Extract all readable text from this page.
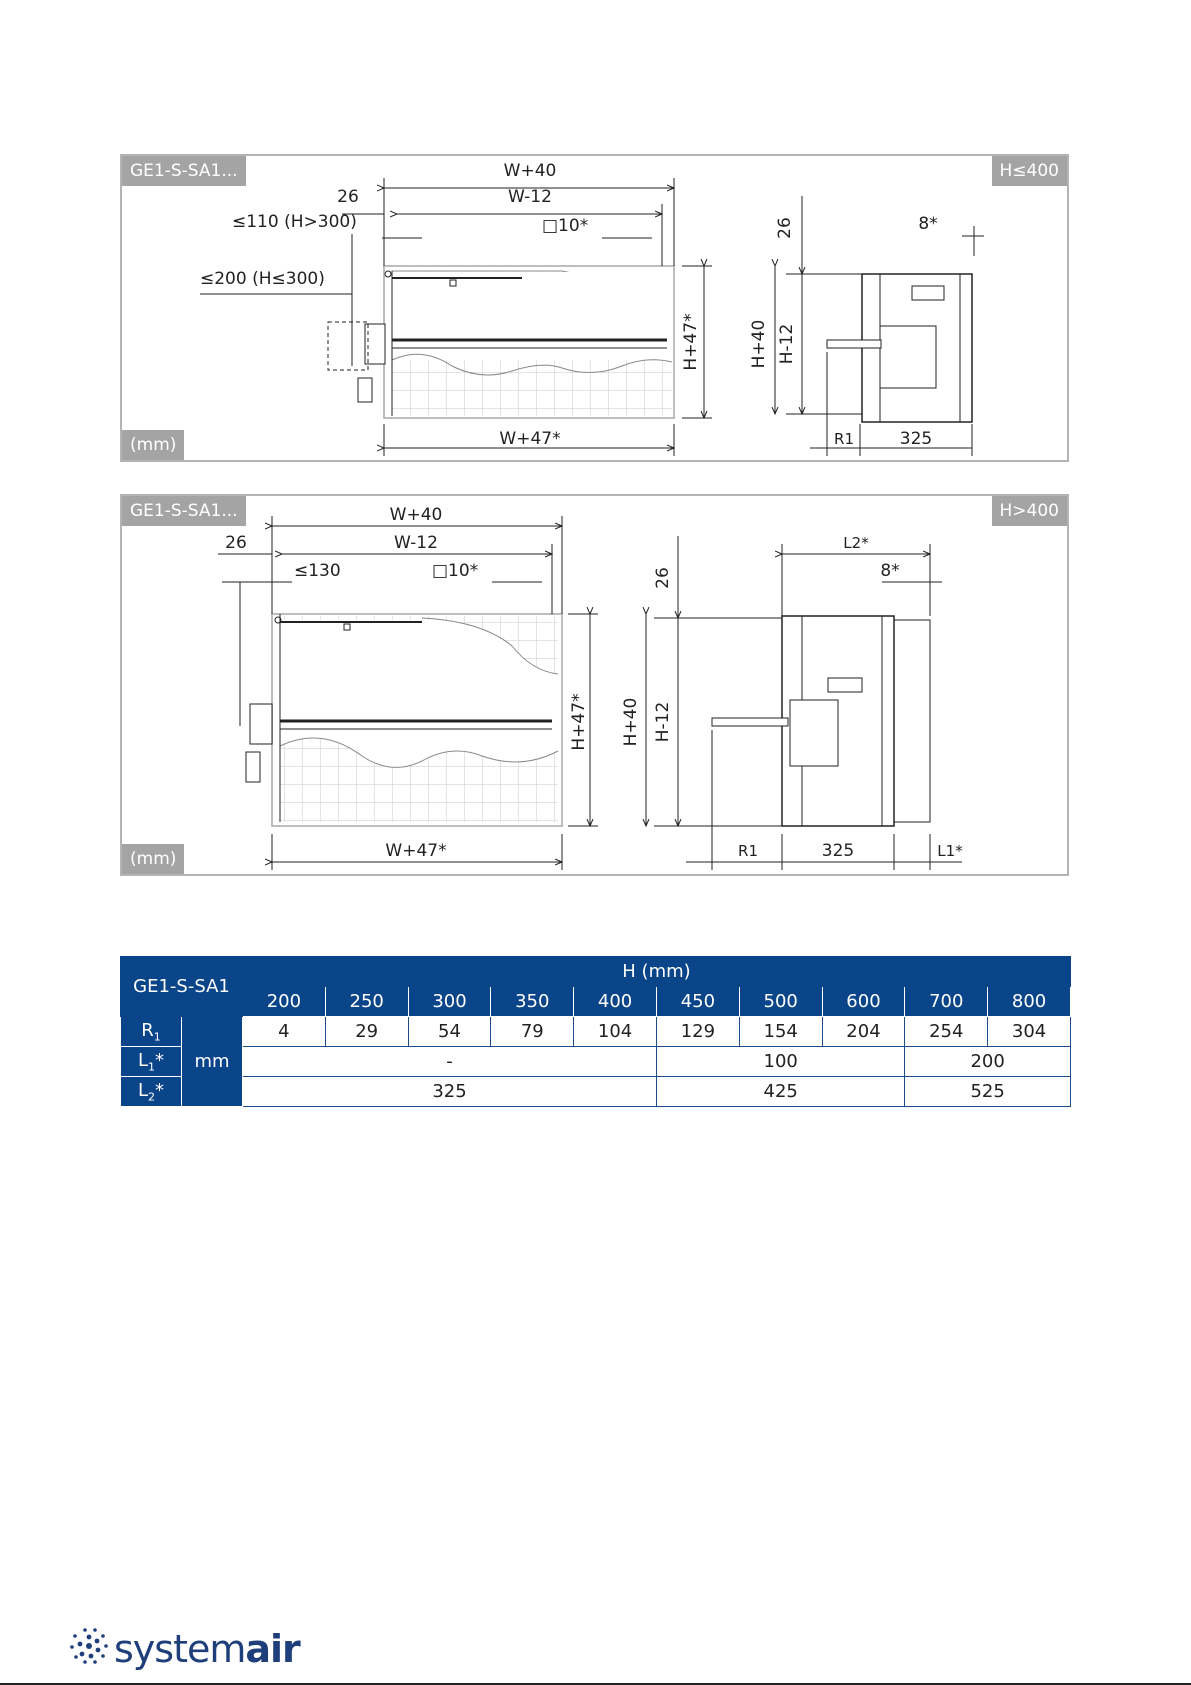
GE1-S-SA1...	H≤400
(mm)
W+40
W-12
26
≤110 (H>300)	□10*
≤200 (H≤300)
H+47*
W+47*
26	8*
H+40 H-12
R1	325
GE1-S-SA1...	H>400
(mm)
W+40
W-12
26
≤130	□10*
H+47*
W+47*
26
L2*
8*
H+40 H-12
R1	325	L1*
GE1-S-SA1		H (mm)									
		200	250	300	350	400	450	500	600	700	800
$R_1$	mm	4	29	54	79	104	129	154	204	254	304
$L_1*$		-					100			200	
$L_2*$		325					425			525	
systemair
